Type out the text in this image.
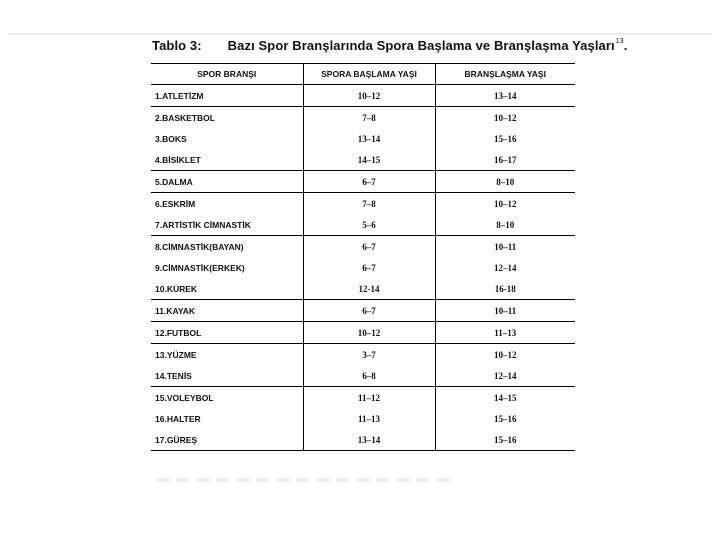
Tablo 3: Bazı Spor Branşlarında Spora Başlama ve Branşlaşma Yaşları$^{13}$.
SPOR BRANŞI	SPORA BAŞLAMA YAŞI	BRANŞLAŞMA YAŞI
1.ATLETİZM	10–12	13–14
2.BASKETBOL	7–8	10–12
3.BOKS	13–14	15–16
4.BİSİKLET	14–15	16–17
5.DALMA	6–7	8–10
6.ESKRİM	7–8	10–12
7.ARTİSTİK CİMNASTİK	5–6	8–10
8.CİMNASTİK(BAYAN)	6–7	10–11
9.CİMNASTİK(ERKEK)	6–7	12–14
10.KÜREK	12-14	16-18
11.KAYAK	6–7	10–11
12.FUTBOL	10–12	11–13
13.YÜZME	3–7	10–12
14.TENİS	6–8	12–14
15.VOLEYBOL	11–12	14–15
16.HALTER	11–13	15–16
17.GÜREŞ	13–14	15–16
